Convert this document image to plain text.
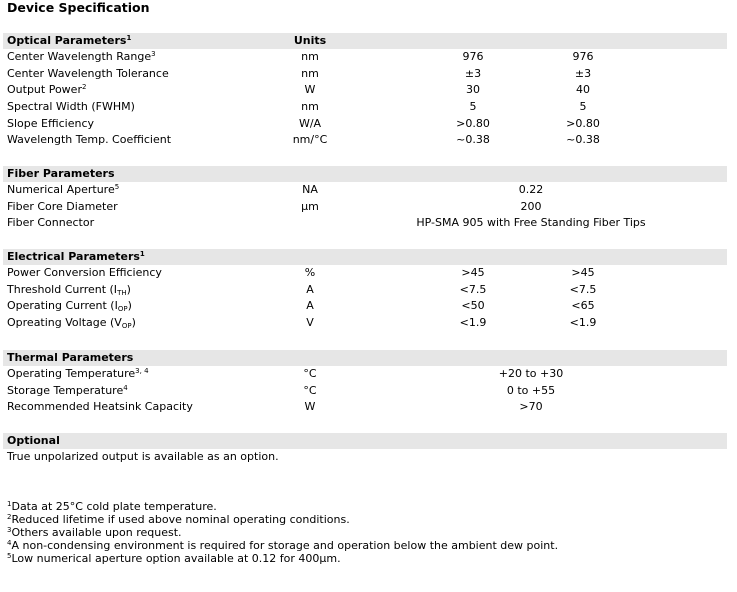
Device Specification
Optical Parameters$^1$	Units
Center Wavelength Range$^3$	nm	976	976
Center Wavelength Tolerance	nm	±3	±3
Output Power$^2$	W	30	40
Spectral Width (FWHM)	nm	5	5
Slope Efficiency	W/A	>0.80	>0.80
Wavelength Temp. Coefficient	nm/°C	~0.38	~0.38
Fiber Parameters
Numerical Aperture$^5$	NA	0.22
Fiber Core Diameter	µm	200
Fiber Connector	HP-SMA 905 with Free Standing Fiber Tips
Electrical Parameters$^1$
Power Conversion Efficiency	%	>45	>45
Threshold Current $(I_{TH})$	A	<7.5	<7.5
Operating Current $(I_{OP})$	A	<50	<65
Opreating Voltage $(V_{OP})$	V	<1.9	<1.9
Thermal Parameters
Operating Temperature$^{3, 4}$	°C	+20 to +30
Storage Temperature$^4$	°C	0 to +55
Recommended Heatsink Capacity	W	>70
Optional
True unpolarized output is available as an option.
$^1$Data at 25°C cold plate temperature.
$^2$Reduced lifetime if used above nominal operating conditions.
$^3$Others available upon request.
$^4$A non-condensing environment is required for storage and operation below the ambient dew point.
$^5$Low numerical aperture option available at 0.12 for 400µm.
